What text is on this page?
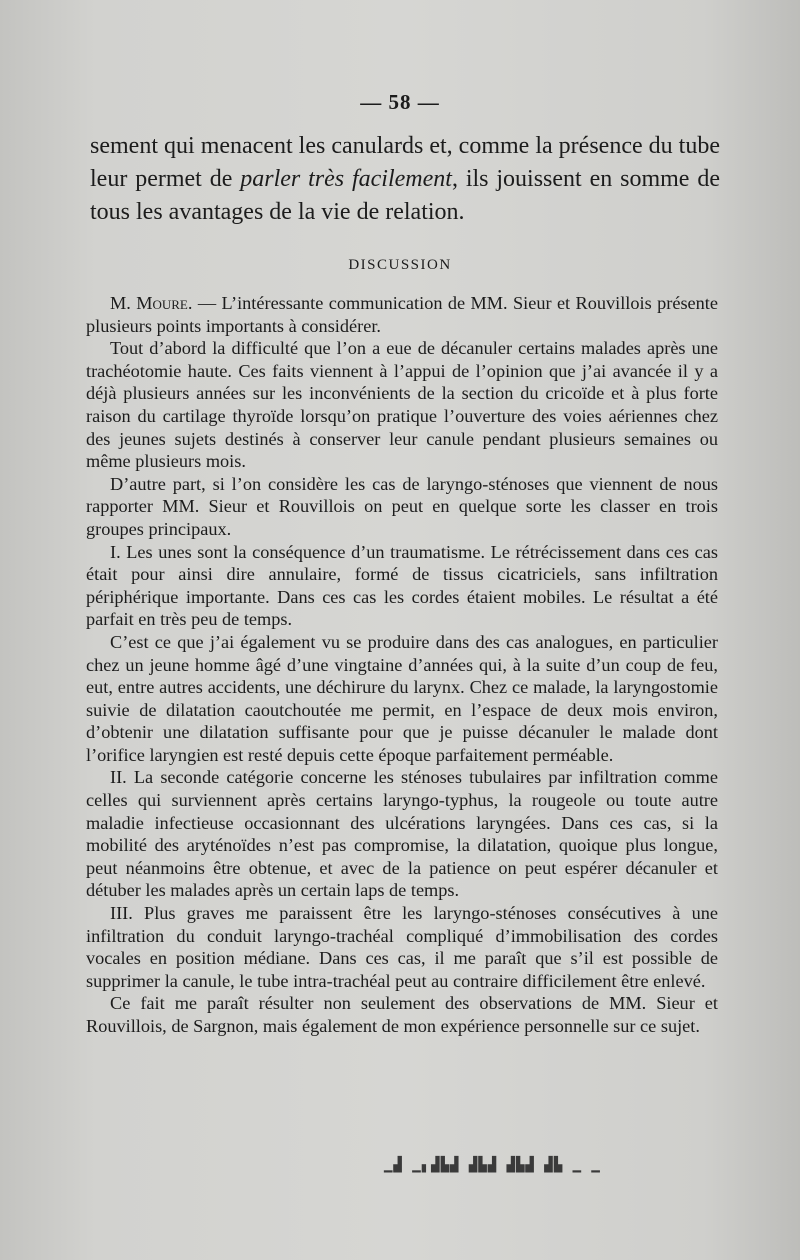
— 58 —

sement qui menacent les canulards et, comme la présence du tube leur permet de parler très facilement, ils jouissent en somme de tous les avantages de la vie de relation.

DISCUSSION

M. Moure. — L’intéressante communication de MM. Sieur et Rouvillois présente plusieurs points importants à considérer.

Tout d’abord la difficulté que l’on a eue de décanuler certains malades après une trachéotomie haute. Ces faits viennent à l’appui de l’opinion que j’ai avancée il y a déjà plusieurs années sur les inconvénients de la section du cricoïde et à plus forte raison du cartilage thyroïde lorsqu’on pratique l’ouverture des voies aériennes chez des jeunes sujets destinés à conserver leur canule pendant plusieurs semaines ou même plusieurs mois.

D’autre part, si l’on considère les cas de laryngo-sténoses que viennent de nous rapporter MM. Sieur et Rouvillois on peut en quelque sorte les classer en trois groupes principaux.

I. Les unes sont la conséquence d’un traumatisme. Le rétrécissement dans ces cas était pour ainsi dire annulaire, formé de tissus cicatriciels, sans infiltration périphérique importante. Dans ces cas les cordes étaient mobiles. Le résultat a été parfait en très peu de temps.

C’est ce que j’ai également vu se produire dans des cas analogues, en particulier chez un jeune homme âgé d’une vingtaine d’années qui, à la suite d’un coup de feu, eut, entre autres accidents, une déchirure du larynx. Chez ce malade, la laryngostomie suivie de dilatation caoutchoutée me permit, en l’espace de deux mois environ, d’obtenir une dilatation suffisante pour que je puisse décanuler le malade dont l’orifice laryngien est resté depuis cette époque parfaitement perméable.

II. La seconde catégorie concerne les sténoses tubulaires par infiltration comme celles qui surviennent après certains laryngo-typhus, la rougeole ou toute autre maladie infectieuse occasionnant des ulcérations laryngées. Dans ces cas, si la mobilité des aryténoïdes n’est pas compromise, la dilatation, quoique plus longue, peut néanmoins être obtenue, et avec de la patience on peut espérer décanuler et détuber les malades après un certain laps de temps.

III. Plus graves me paraissent être les laryngo-sténoses consécutives à une infiltration du conduit laryngo-trachéal compliqué d’immobilisation des cordes vocales en position médiane. Dans ces cas, il me paraît que s’il est possible de supprimer la canule, le tube intra-trachéal peut au contraire difficilement être enlevé.

Ce fait me paraît résulter non seulement des observations de MM. Sieur et Rouvillois, de Sargnon, mais également de mon expérience personnelle sur ce sujet.

▁▟ ▁▖▟▙▟ ▟▙▟ ▟▙▟ ▟▙ ▁ ▁
